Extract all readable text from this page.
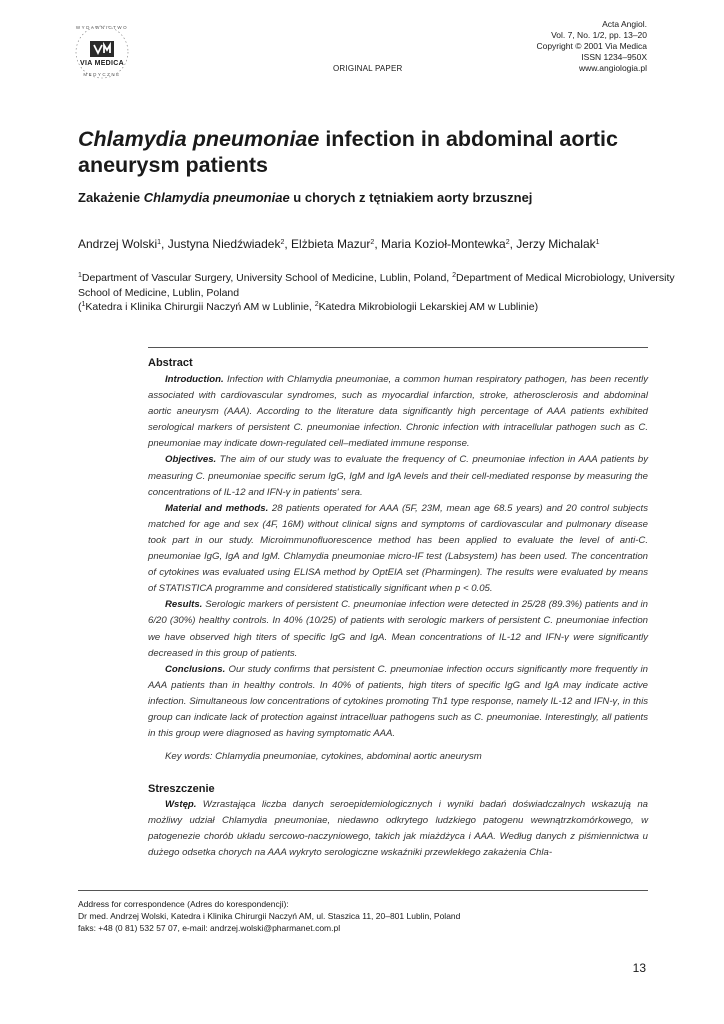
WYDAWNICTWO
VIA MEDICA
MEDYCZNE
ORIGINAL PAPER
Acta Angiol.
Vol. 7, No. 1/2, pp. 13–20
Copyright © 2001 Via Medica
ISSN 1234–950X
www.angiologia.pl
Chlamydia pneumoniae infection in abdominal aortic aneurysm patients
Zakażenie Chlamydia pneumoniae u chorych z tętniakiem aorty brzusznej
Andrzej Wolski$^1$, Justyna Niedźwiadek$^2$, Elżbieta Mazur$^2$, Maria Kozioł-Montewka$^2$, Jerzy Michalak$^1$
$^1$Department of Vascular Surgery, University School of Medicine, Lublin, Poland, $^2$Department of Medical Microbiology, University School of Medicine, Lublin, Poland
($^1$Katedra i Klinika Chirurgii Naczyń AM w Lublinie, $^2$Katedra Mikrobiologii Lekarskiej AM w Lublinie)
Abstract

Introduction. Infection with Chlamydia pneumoniae, a common human respiratory pathogen, has been recently associated with cardiovascular syndromes, such as myocardial infarction, stroke, atherosclerosis and abdominal aortic aneurysm (AAA). According to the literature data significantly high percentage of AAA patients exhibited serological markers of persistent C. pneumoniae infection. Chronic infection with intracellular pathogen such as C. pneumoniae may indicate down-regulated cell–mediated immune response.

Objectives. The aim of our study was to evaluate the frequency of C. pneumoniae infection in AAA patients by measuring C. pneumoniae specific serum IgG, IgM and IgA levels and their cell-mediated response by measuring the concentrations of IL-12 and IFN-γ in patients' sera.

Material and methods. 28 patients operated for AAA (5F, 23M, mean age 68.5 years) and 20 control subjects matched for age and sex (4F, 16M) without clinical signs and symptoms of cardiovascular and pulmonary disease took part in our study. Microimmunofluorescence method has been applied to evaluate the level of anti-C. pneumoniae IgG, IgA and IgM. Chlamydia pneumoniae micro-IF test (Labsystem) has been used. The concentration of cytokines was evaluated using ELISA method by OptEIA set (Pharmingen). The results were evaluated by means of STATISTICA programme and considered statistically significant when p < 0.05.

Results. Serologic markers of persistent C. pneumoniae infection were detected in 25/28 (89.3%) patients and in 6/20 (30%) healthy controls. In 40% (10/25) of patients with serologic markers of persistent C. pneumoniae infection we have observed high titers of specific IgG and IgA. Mean concentrations of IL-12 and IFN-γ were significantly decreased in this group of patients.

Conclusions. Our study confirms that persistent C. pneumoniae infection occurs significantly more frequently in AAA patients than in healthy controls. In 40% of patients, high titers of specific IgG and IgA may indicate active infection. Simultaneous low concentrations of cytokines promoting Th1 type response, namely IL-12 and IFN-γ, in this group can indicate lack of protection against intracelluar pathogens such as C. pneumoniae. Interestingly, all patients in this group were diagnosed as having symptomatic AAA.

Key words: Chlamydia pneumoniae, cytokines, abdominal aortic aneurysm

Streszczenie

Wstęp. Wzrastająca liczba danych seroepidemiologicznych i wyniki badań doświadczalnych wskazują na możliwy udział Chlamydia pneumoniae, niedawno odkrytego ludzkiego patogenu wewnątrzkomórkowego, w patogenezie chorób układu sercowo-naczyniowego, takich jak miażdżyca i AAA. Według danych z piśmiennictwa u dużego odsetka chorych na AAA wykryto serologiczne wskaźniki przewlekłego zakażenia Chla-

Address for correspondence (Adres do korespondencji):
Dr med. Andrzej Wolski, Katedra i Klinika Chirurgii Naczyń AM, ul. Staszica 11, 20–801 Lublin, Poland
faks: +48 (0 81) 532 57 07, e-mail: andrzej.wolski@pharmanet.com.pl
13
